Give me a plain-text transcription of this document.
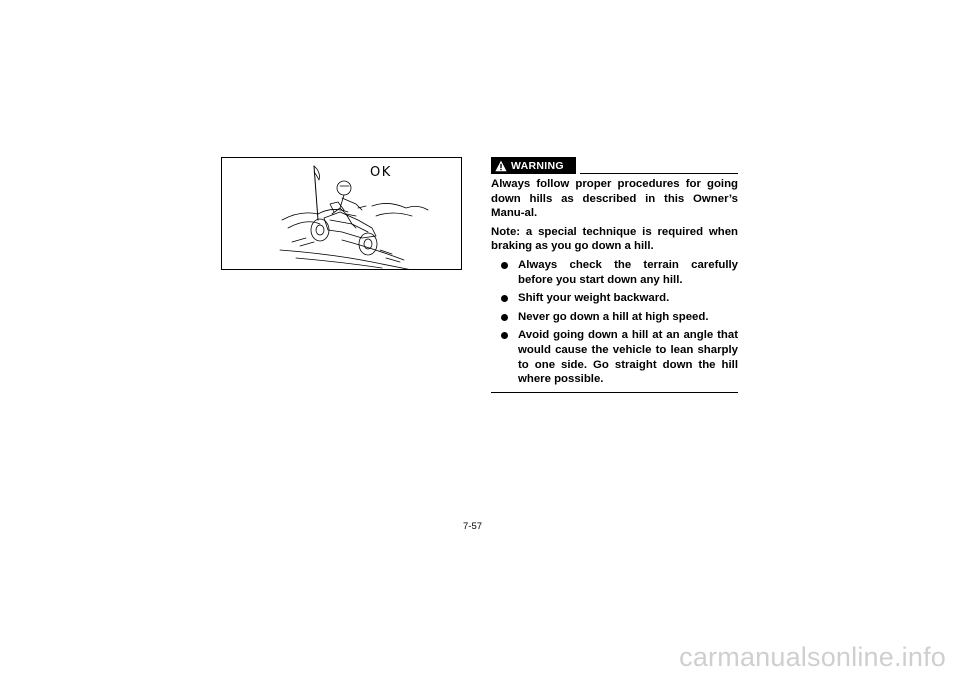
OK	WARNING

Always follow proper procedures for going down hills as described in this Owner’s Manu-al.

Note: a special technique is required when braking as you go down a hill.

Always check the terrain carefully before you start down any hill.
Shift your weight backward.
Never go down a hill at high speed.
Avoid going down a hill at an angle that would cause the vehicle to lean sharply to one side. Go straight down the hill where possible.
7-57
carmanualsonline.info
